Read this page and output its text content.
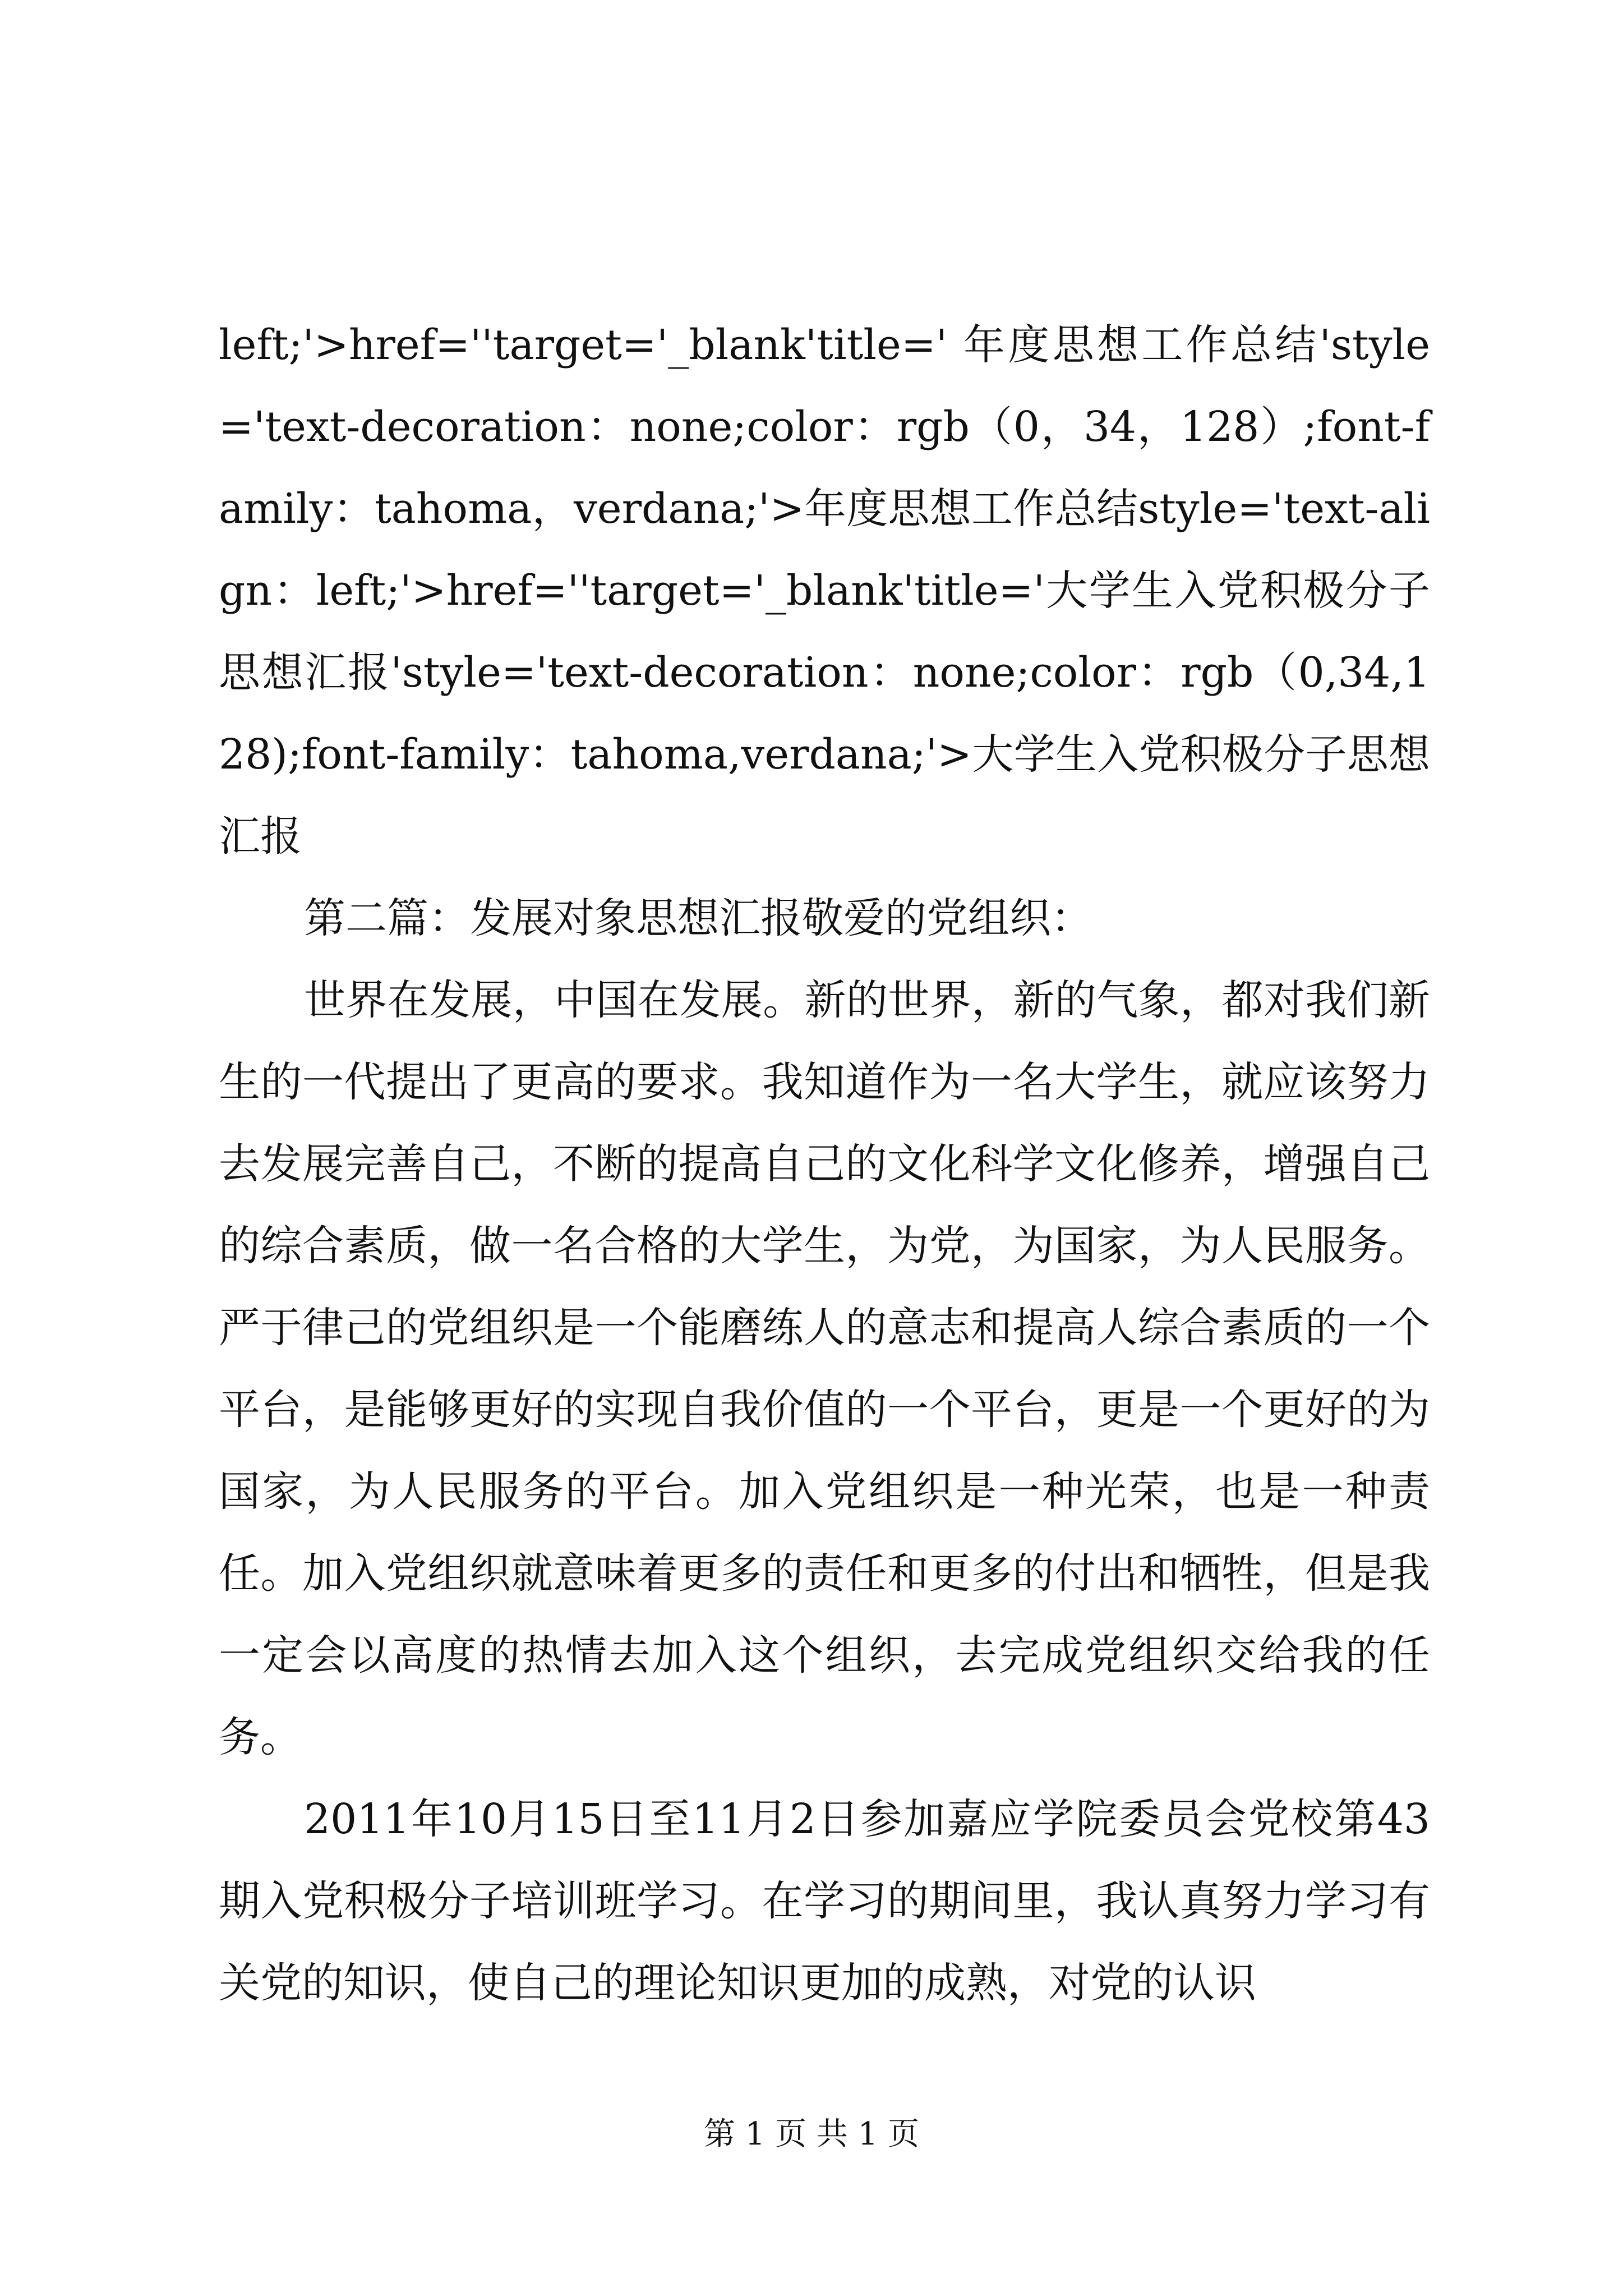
left;'>href=''target='_blank'title=' 年度思想工作总结'style='text-decoration：none;color：rgb（0，34，128）;font-family：tahoma，verdana;'>年度思想工作总结style='text-align：left;'>href=''target='_blank'title='大学生入党积极分子思想汇报'style='text-decoration：none;color：rgb（0,34,128);font-family：tahoma,verdana;'>大学生入党积极分子思想汇报

第二篇：发展对象思想汇报敬爱的党组织：

世界在发展，中国在发展。新的世界，新的气象，都对我们新生的一代提出了更高的要求。我知道作为一名大学生，就应该努力去发展完善自己，不断的提高自己的文化科学文化修养，增强自己的综合素质，做一名合格的大学生，为党，为国家，为人民服务。严于律己的党组织是一个能磨练人的意志和提高人综合素质的一个平台，是能够更好的实现自我价值的一个平台，更是一个更好的为国家，为人民服务的平台。加入党组织是一种光荣，也是一种责任。加入党组织就意味着更多的责任和更多的付出和牺牲，但是我一定会以高度的热情去加入这个组织，去完成党组织交给我的任务。

2011年10月15日至11月2日参加嘉应学院委员会党校第43期入党积极分子培训班学习。在学习的期间里，我认真努力学习有关党的知识，使自己的理论知识更加的成熟，对党的认识

第 1 页 共 1 页
